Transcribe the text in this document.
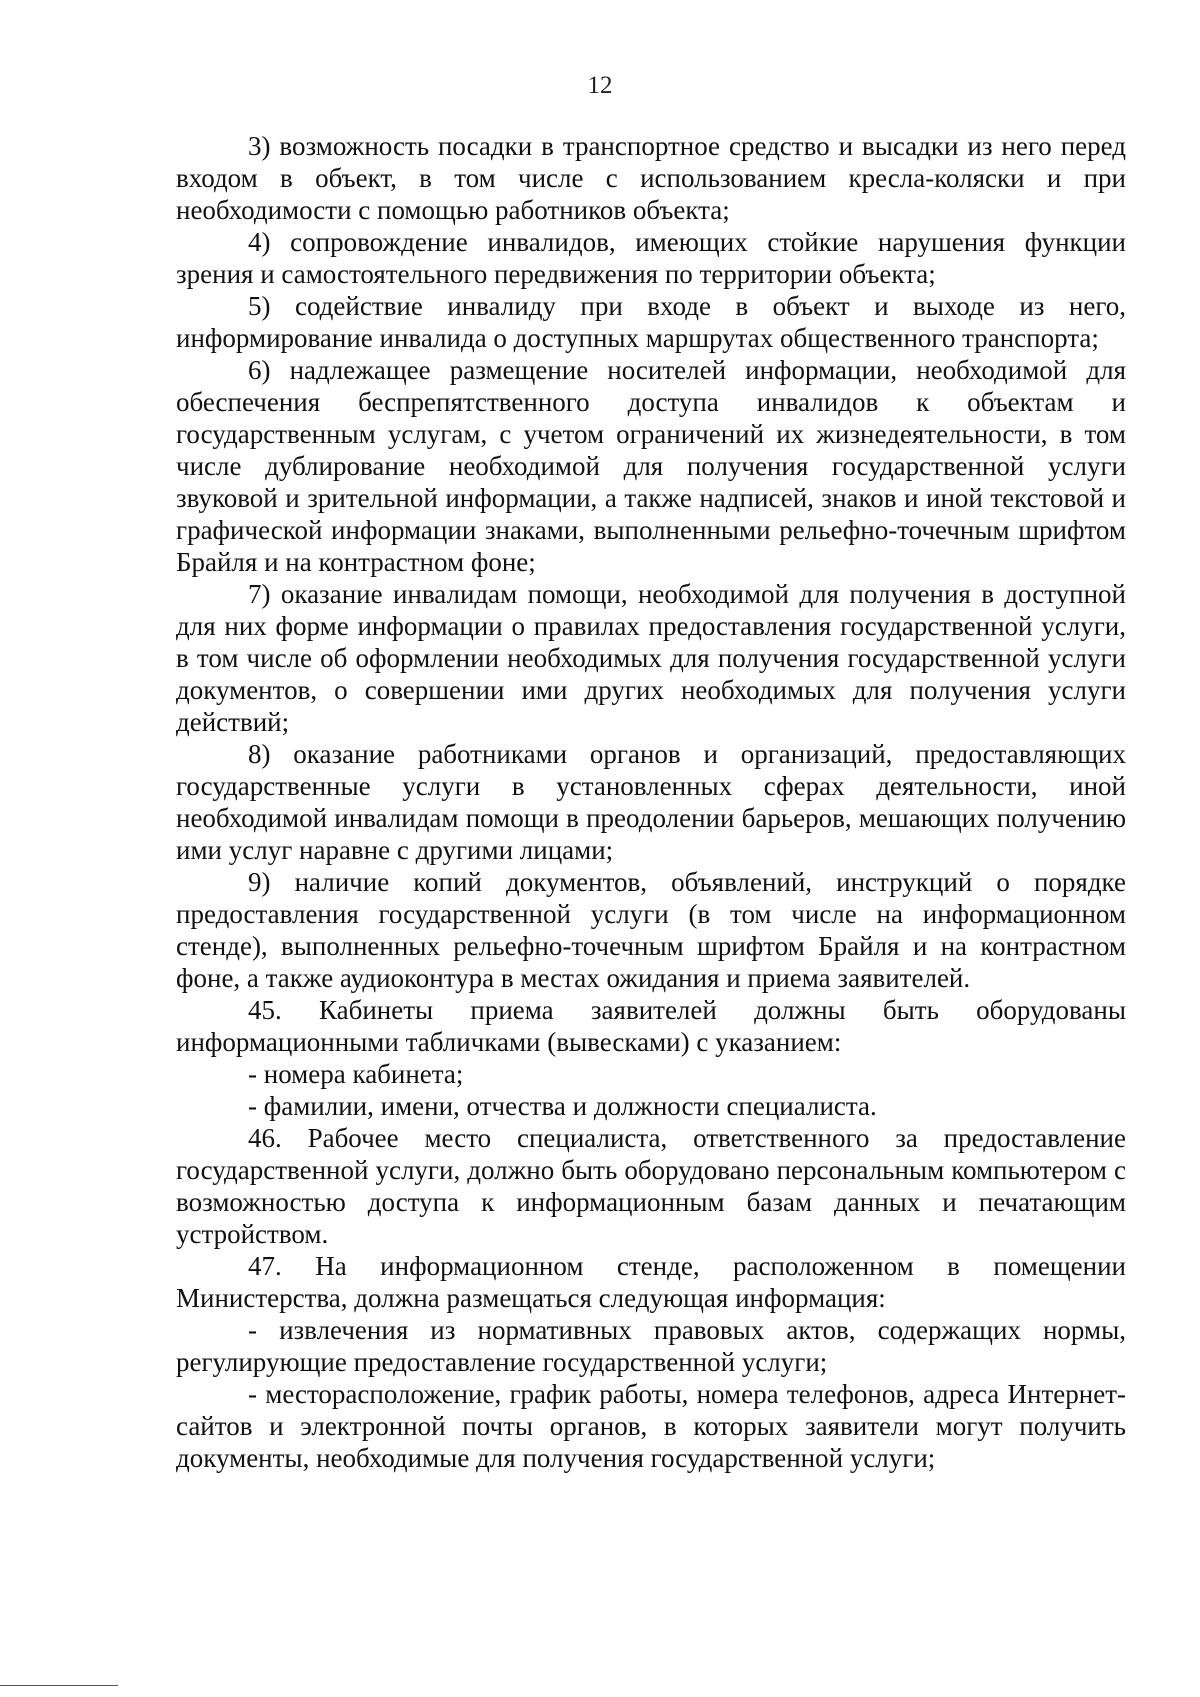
12

3) возможность посадки в транспортное средство и высадки из него перед входом в объект, в том числе с использованием кресла-коляски и при необходимости с помощью работников объекта;

4) сопровождение инвалидов, имеющих стойкие нарушения функции зрения и самостоятельного передвижения по территории объекта;

5) содействие инвалиду при входе в объект и выходе из него, информирование инвалида о доступных маршрутах общественного транспорта;

6) надлежащее размещение носителей информации, необходимой для обеспечения беспрепятственного доступа инвалидов к объектам и государственным услугам, с учетом ограничений их жизнедеятельности, в том числе дублирование необходимой для получения государственной услуги звуковой и зрительной информации, а также надписей, знаков и иной текстовой и графической информации знаками, выполненными рельефно-точечным шрифтом Брайля и на контрастном фоне;

7) оказание инвалидам помощи, необходимой для получения в доступной для них форме информации о правилах предоставления государственной услуги, в том числе об оформлении необходимых для получения государственной услуги документов, о совершении ими других необходимых для получения услуги действий;

8) оказание работниками органов и организаций, предоставляющих государственные услуги в установленных сферах деятельности, иной необходимой инвалидам помощи в преодолении барьеров, мешающих получению ими услуг наравне с другими лицами;

9) наличие копий документов, объявлений, инструкций о порядке предоставления государственной услуги (в том числе на информационном стенде), выполненных рельефно-точечным шрифтом Брайля и на контрастном фоне, а также аудиоконтура в местах ожидания и приема заявителей.

45. Кабинеты приема заявителей должны быть оборудованы информационными табличками (вывесками) с указанием:

- номера кабинета;

- фамилии, имени, отчества и должности специалиста.

46. Рабочее место специалиста, ответственного за предоставление государственной услуги, должно быть оборудовано персональным компьютером с возможностью доступа к информационным базам данных и печатающим устройством.

47. На информационном стенде, расположенном в помещении Министерства, должна размещаться следующая информация:

- извлечения из нормативных правовых актов, содержащих нормы, регулирующие предоставление государственной услуги;

- месторасположение, график работы, номера телефонов, адреса Интернет-сайтов и электронной почты органов, в которых заявители могут получить документы, необходимые для получения государственной услуги;
